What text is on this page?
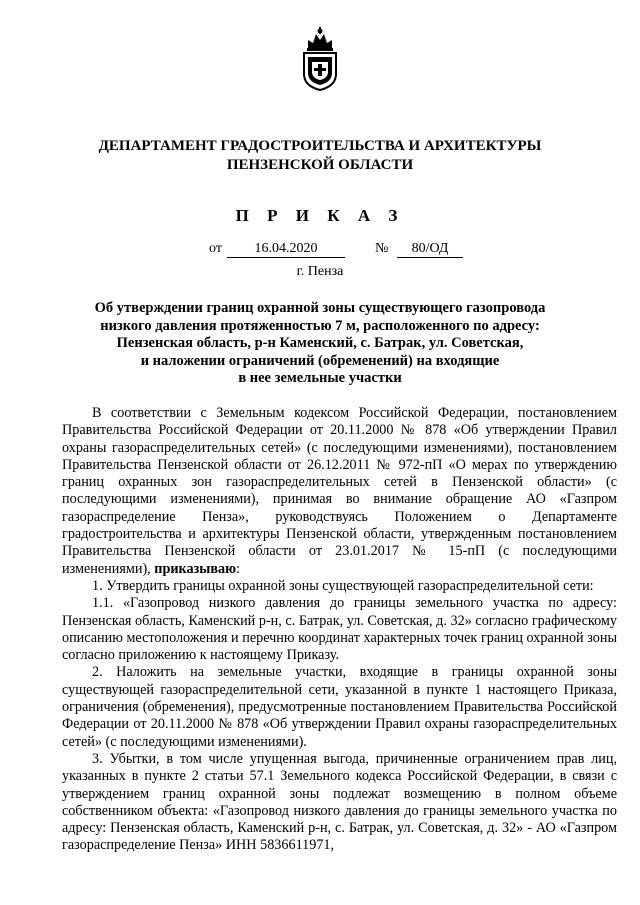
ДЕПАРТАМЕНТ ГРАДОСТРОИТЕЛЬСТВА И АРХИТЕКТУРЫ
ПЕНЗЕНСКОЙ ОБЛАСТИ
П Р И К А З
от	16.04.2020	№	80/ОД
г. Пенза
Об утверждении границ охранной зоны существующего газопровода
низкого давления протяженностью 7 м, расположенного по адресу:
Пензенская область, р-н Каменский, с. Батрак, ул. Советская,
и наложении ограничений (обременений) на входящие
в нее земельные участки

В соответствии с Земельным кодексом Российской Федерации, постановлением Правительства Российской Федерации от 20.11.2000 № 878 «Об утверждении Правил охраны газораспределительных сетей» (с последующими изменениями), постановлением Правительства Пензенской области от 26.12.2011 № 972-пП «О мерах по утверждению границ охранных зон газораспределительных сетей в Пензенской области» (с последующими изменениями), принимая во внимание обращение АО «Газпром газораспределение Пенза», руководствуясь Положением о Департаменте градостроительства и архитектуры Пензенской области, утвержденным постановлением Правительства Пензенской области от 23.01.2017 № 15-пП (с последующими изменениями), приказываю:

1. Утвердить границы охранной зоны существующей газораспределительной сети:

1.1. «Газопровод низкого давления до границы земельного участка по адресу: Пензенская область, Каменский р-н, с. Батрак, ул. Советская, д. 32» согласно графическому описанию местоположения и перечню координат характерных точек границ охранной зоны согласно приложению к настоящему Приказу.

2. Наложить на земельные участки, входящие в границы охранной зоны существующей газораспределительной сети, указанной в пункте 1 настоящего Приказа, ограничения (обременения), предусмотренные постановлением Правительства Российской Федерации от 20.11.2000 № 878 «Об утверждении Правил охраны газораспределительных сетей» (с последующими изменениями).

3. Убытки, в том числе упущенная выгода, причиненные ограничением прав лиц, указанных в пункте 2 статьи 57.1 Земельного кодекса Российской Федерации, в связи с утверждением границ охранной зоны подлежат возмещению в полном объеме собственником объекта: «Газопровод низкого давления до границы земельного участка по адресу: Пензенская область, Каменский р-н, с. Батрак, ул. Советская, д. 32» - АО «Газпром газораспределение Пенза» ИНН 5836611971,
